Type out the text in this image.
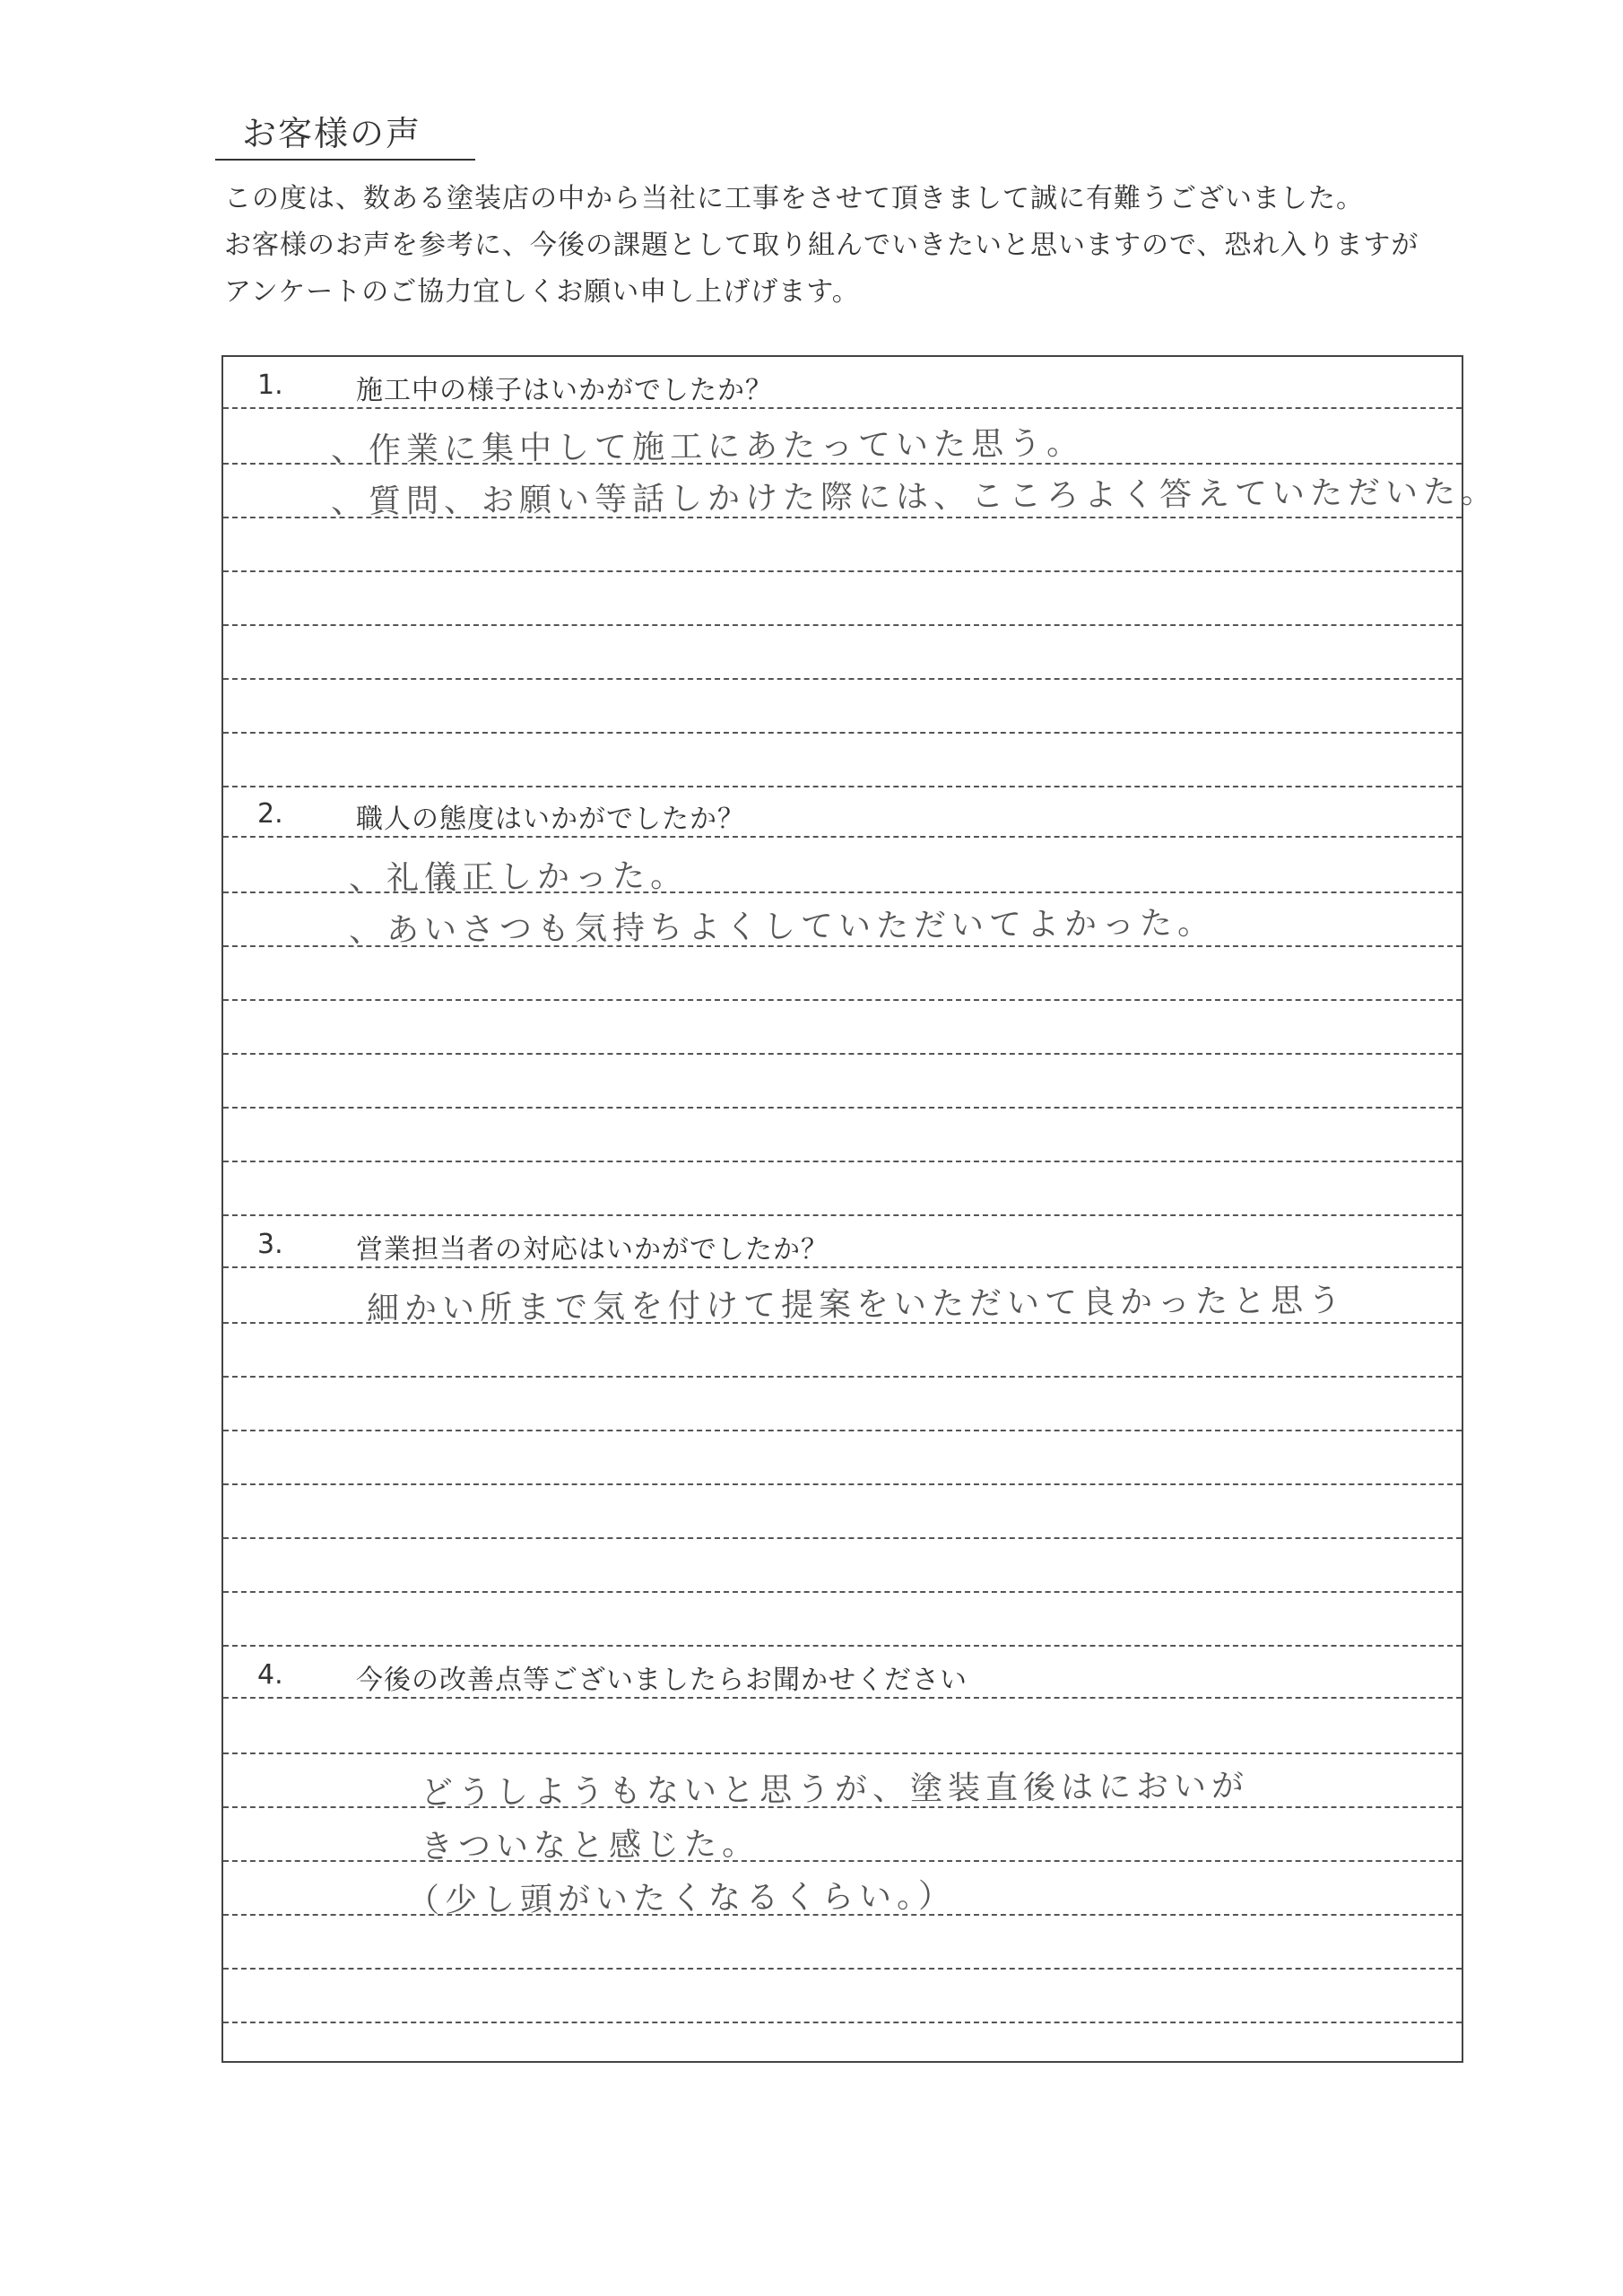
お客様の声
この度は、数ある塗装店の中から当社に工事をさせて頂きまして誠に有難うございました。
お客様のお声を参考に、今後の課題として取り組んでいきたいと思いますので、恐れ入りますが
アンケートのご協力宜しくお願い申し上げげます。
1.	施工中の様子はいかがでしたか？
、作業に集中して施工にあたっていた思う。
、質問、お願い等話しかけた際には、こころよく答えていただいた。
2.	職人の態度はいかがでしたか？
、礼儀正しかった。
、あいさつも気持ちよくしていただいてよかった。
3.	営業担当者の対応はいかがでしたか？
細かい所まで気を付けて提案をいただいて良かったと思う
4.	今後の改善点等ございましたらお聞かせください
どうしようもないと思うが、塗装直後はにおいが
きついなと感じた。
（少し頭がいたくなるくらい。）
